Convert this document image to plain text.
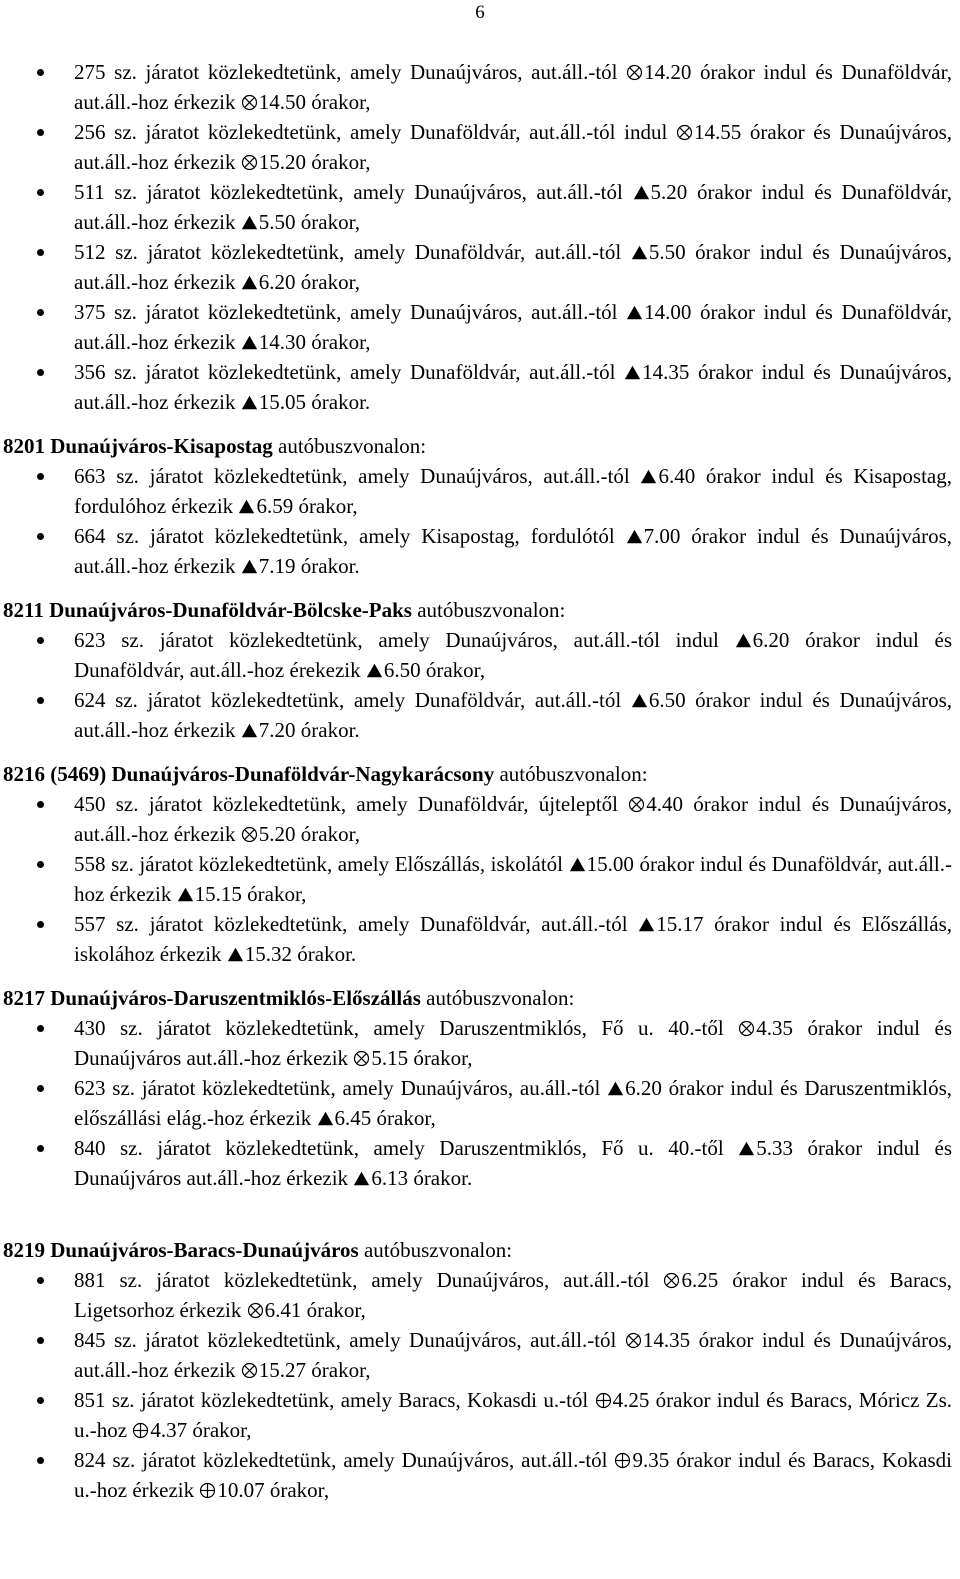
6
275 sz. járatot közlekedtetünk, amely Dunaújváros, aut.áll.-tól 14.20 órakor indul és Dunaföldvár, aut.áll.-hoz érkezik 14.50 órakor,
256 sz. járatot közlekedtetünk, amely Dunaföldvár, aut.áll.-tól indul 14.55 órakor és Dunaújváros, aut.áll.-hoz érkezik 15.20 órakor,
511 sz. járatot közlekedtetünk, amely Dunaújváros, aut.áll.-tól 5.20 órakor indul és Dunaföldvár, aut.áll.-hoz érkezik 5.50 órakor,
512 sz. járatot közlekedtetünk, amely Dunaföldvár, aut.áll.-tól 5.50 órakor indul és Dunaújváros, aut.áll.-hoz érkezik 6.20 órakor,
375 sz. járatot közlekedtetünk, amely Dunaújváros, aut.áll.-tól 14.00 órakor indul és Dunaföldvár, aut.áll.-hoz érkezik 14.30 órakor,
356 sz. járatot közlekedtetünk, amely Dunaföldvár, aut.áll.-tól 14.35 órakor indul és Dunaújváros, aut.áll.-hoz érkezik 15.05 órakor.
8201 Dunaújváros-Kisapostag autóbuszvonalon:
663 sz. járatot közlekedtetünk, amely Dunaújváros, aut.áll.-tól 6.40 órakor indul és Kisapostag, fordulóhoz érkezik 6.59 órakor,
664 sz. járatot közlekedtetünk, amely Kisapostag, fordulótól 7.00 órakor indul és Dunaújváros, aut.áll.-hoz érkezik 7.19 órakor.
8211 Dunaújváros-Dunaföldvár-Bölcske-Paks autóbuszvonalon:
623 sz. járatot közlekedtetünk, amely Dunaújváros, aut.áll.-tól indul 6.20 órakor indul és Dunaföldvár, aut.áll.-hoz érekezik 6.50 órakor,
624 sz. járatot közlekedtetünk, amely Dunaföldvár, aut.áll.-tól 6.50 órakor indul és Dunaújváros, aut.áll.-hoz érkezik 7.20 órakor.
8216 (5469) Dunaújváros-Dunaföldvár-Nagykarácsony autóbuszvonalon:
450 sz. járatot közlekedtetünk, amely Dunaföldvár, újteleptől 4.40 órakor indul és Dunaújváros, aut.áll.-hoz érkezik 5.20 órakor,
558 sz. járatot közlekedtetünk, amely Előszállás, iskolától 15.00 órakor indul és Dunaföldvár, aut.áll.-hoz érkezik 15.15 órakor,
557 sz. járatot közlekedtetünk, amely Dunaföldvár, aut.áll.-tól 15.17 órakor indul és Előszállás, iskolához érkezik 15.32 órakor.
8217 Dunaújváros-Daruszentmiklós-Előszállás autóbuszvonalon:
430 sz. járatot közlekedtetünk, amely Daruszentmiklós, Fő u. 40.-től 4.35 órakor indul és Dunaújváros aut.áll.-hoz érkezik 5.15 órakor,
623 sz. járatot közlekedtetünk, amely Dunaújváros, au.áll.-tól 6.20 órakor indul és Daruszentmiklós, előszállási elág.-hoz érkezik 6.45 órakor,
840 sz. járatot közlekedtetünk, amely Daruszentmiklós, Fő u. 40.-től 5.33 órakor indul és Dunaújváros aut.áll.-hoz érkezik 6.13 órakor.
8219 Dunaújváros-Baracs-Dunaújváros autóbuszvonalon:
881 sz. járatot közlekedtetünk, amely Dunaújváros, aut.áll.-tól 6.25 órakor indul és Baracs, Ligetsorhoz érkezik 6.41 órakor,
845 sz. járatot közlekedtetünk, amely Dunaújváros, aut.áll.-tól 14.35 órakor indul és Dunaújváros, aut.áll.-hoz érkezik 15.27 órakor,
851 sz. járatot közlekedtetünk, amely Baracs, Kokasdi u.-tól 4.25 órakor indul és Baracs, Móricz Zs. u.-hoz 4.37 órakor,
824 sz. járatot közlekedtetünk, amely Dunaújváros, aut.áll.-tól 9.35 órakor indul és Baracs, Kokasdi u.-hoz érkezik 10.07 órakor,
